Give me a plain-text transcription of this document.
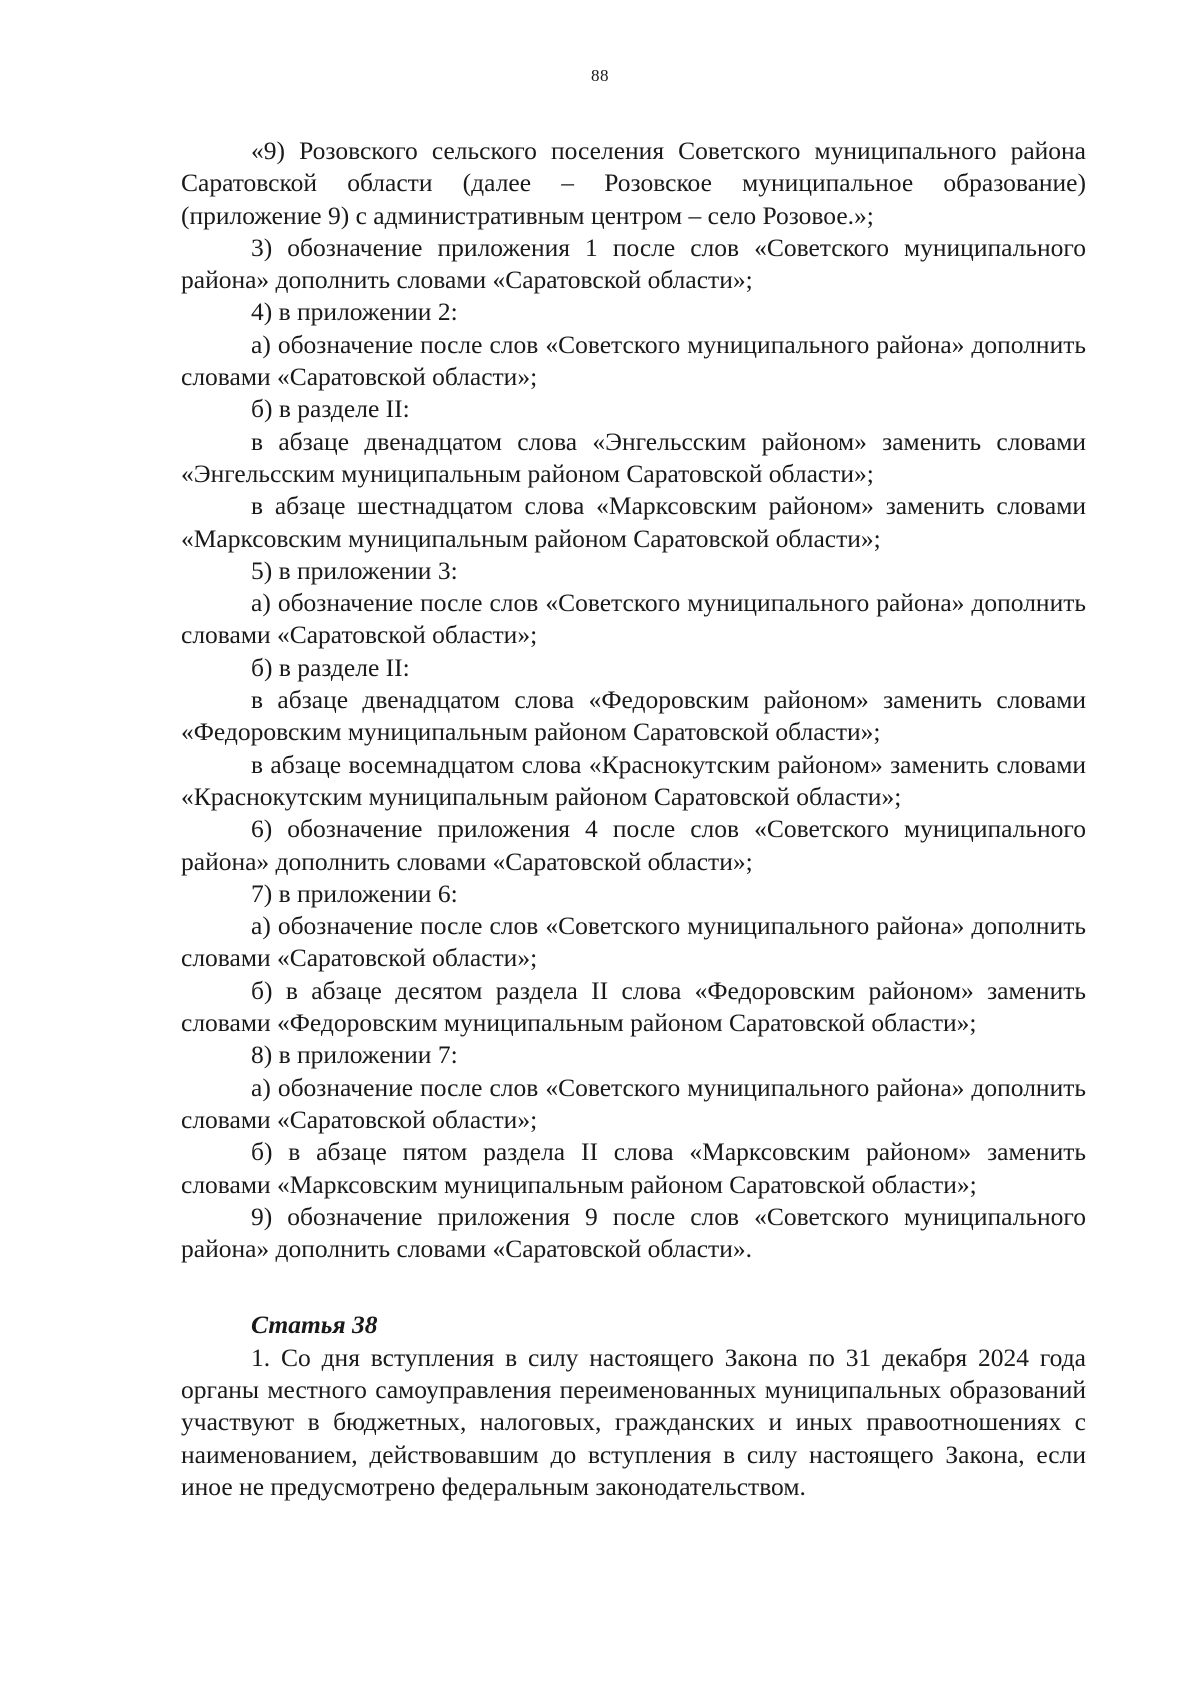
88

«9) Розовского сельского поселения Советского муниципального района Саратовской области (далее – Розовское муниципальное образование) (приложение 9) с административным центром – село Розовое.»;

3) обозначение приложения 1 после слов «Советского муниципального района» дополнить словами «Саратовской области»;

4) в приложении 2:

а) обозначение после слов «Советского муниципального района» дополнить словами «Саратовской области»;

б) в разделе II:

в абзаце двенадцатом слова «Энгельсским районом» заменить словами «Энгельсским муниципальным районом Саратовской области»;

в абзаце шестнадцатом слова «Марксовским районом» заменить словами «Марксовским муниципальным районом Саратовской области»;

5) в приложении 3:

а) обозначение после слов «Советского муниципального района» дополнить словами «Саратовской области»;

б) в разделе II:

в абзаце двенадцатом слова «Федоровским районом» заменить словами «Федоровским муниципальным районом Саратовской области»;

в абзаце восемнадцатом слова «Краснокутским районом» заменить словами «Краснокутским муниципальным районом Саратовской области»;

6) обозначение приложения 4 после слов «Советского муниципального района» дополнить словами «Саратовской области»;

7) в приложении 6:

а) обозначение после слов «Советского муниципального района» дополнить словами «Саратовской области»;

б) в абзаце десятом раздела II слова «Федоровским районом» заменить словами «Федоровским муниципальным районом Саратовской области»;

8) в приложении 7:

а) обозначение после слов «Советского муниципального района» дополнить словами «Саратовской области»;

б) в абзаце пятом раздела II слова «Марксовским районом» заменить словами «Марксовским муниципальным районом Саратовской области»;

9) обозначение приложения 9 после слов «Советского муниципального района» дополнить словами «Саратовской области».

Статья 38

1. Со дня вступления в силу настоящего Закона по 31 декабря 2024 года органы местного самоуправления переименованных муниципальных образований участвуют в бюджетных, налоговых, гражданских и иных правоотношениях с наименованием, действовавшим до вступления в силу настоящего Закона, если иное не предусмотрено федеральным законодательством.
